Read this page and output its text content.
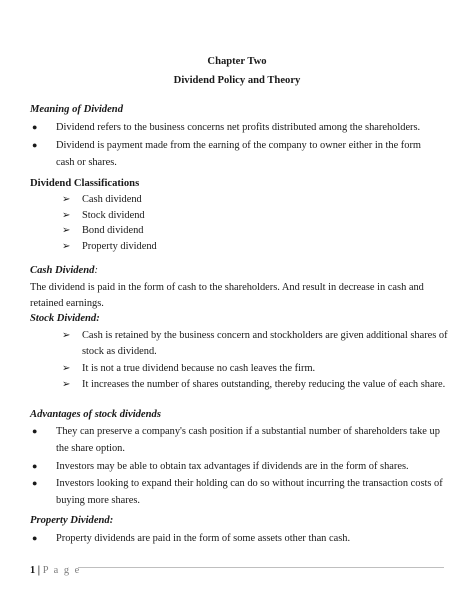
Chapter Two
Dividend Policy and Theory
Meaning of Dividend
● Dividend refers to the business concerns net profits distributed among the shareholders.
● Dividend is payment made from the earning of the company to owner either in the form
cash or shares.
Dividend Classifications
➢ Cash dividend
➢ Stock dividend
➢ Bond dividend
➢ Property dividend
Cash Dividend:
The dividend is paid in the form of cash to the shareholders. And result in decrease in cash and
retained earnings.
Stock Dividend:
➢ Cash is retained by the business concern and stockholders are given additional shares of
stock as dividend.
➢ It is not a true dividend because no cash leaves the firm.
➢ It increases the number of shares outstanding, thereby reducing the value of each share.
Advantages of stock dividends
● They can preserve a company's cash position if a substantial number of shareholders take up
the share option.
● Investors may be able to obtain tax advantages if dividends are in the form of shares.
● Investors looking to expand their holding can do so without incurring the transaction costs of
buying more shares.
Property Dividend:
● Property dividends are paid in the form of some assets other than cash.
1 | P a g e
